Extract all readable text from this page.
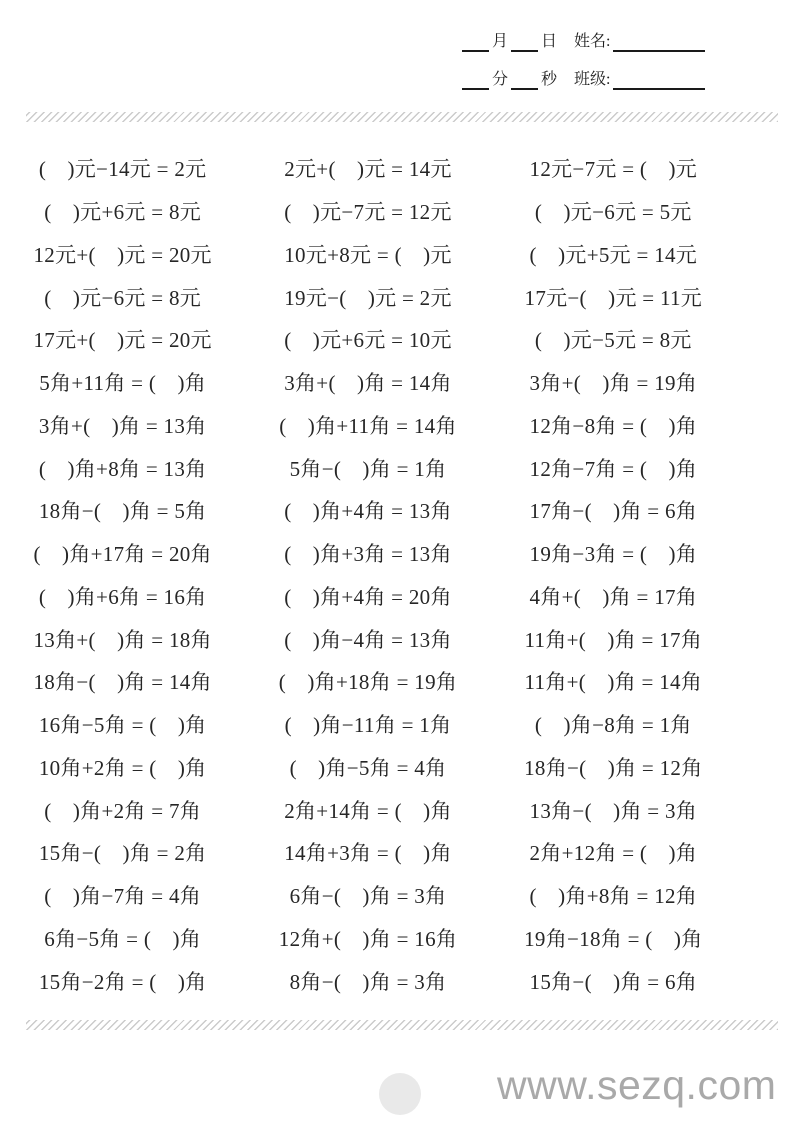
月 日 姓名:
分 秒 班级:
(　)元−14元 = 2元	2元+(　)元 = 14元	12元−7元 = (　)元
(　)元+6元 = 8元	(　)元−7元 = 12元	(　)元−6元 = 5元
12元+(　)元 = 20元	10元+8元 = (　)元	(　)元+5元 = 14元
(　)元−6元 = 8元	19元−(　)元 = 2元	17元−(　)元 = 11元
17元+(　)元 = 20元	(　)元+6元 = 10元	(　)元−5元 = 8元
5角+11角 = (　)角	3角+(　)角 = 14角	3角+(　)角 = 19角
3角+(　)角 = 13角	(　)角+11角 = 14角	12角−8角 = (　)角
(　)角+8角 = 13角	5角−(　)角 = 1角	12角−7角 = (　)角
18角−(　)角 = 5角	(　)角+4角 = 13角	17角−(　)角 = 6角
(　)角+17角 = 20角	(　)角+3角 = 13角	19角−3角 = (　)角
(　)角+6角 = 16角	(　)角+4角 = 20角	4角+(　)角 = 17角
13角+(　)角 = 18角	(　)角−4角 = 13角	11角+(　)角 = 17角
18角−(　)角 = 14角	(　)角+18角 = 19角	11角+(　)角 = 14角
16角−5角 = (　)角	(　)角−11角 = 1角	(　)角−8角 = 1角
10角+2角 = (　)角	(　)角−5角 = 4角	18角−(　)角 = 12角
(　)角+2角 = 7角	2角+14角 = (　)角	13角−(　)角 = 3角
15角−(　)角 = 2角	14角+3角 = (　)角	2角+12角 = (　)角
(　)角−7角 = 4角	6角−(　)角 = 3角	(　)角+8角 = 12角
6角−5角 = (　)角	12角+(　)角 = 16角	19角−18角 = (　)角
15角−2角 = (　)角	8角−(　)角 = 3角	15角−(　)角 = 6角
www.sezq.com
